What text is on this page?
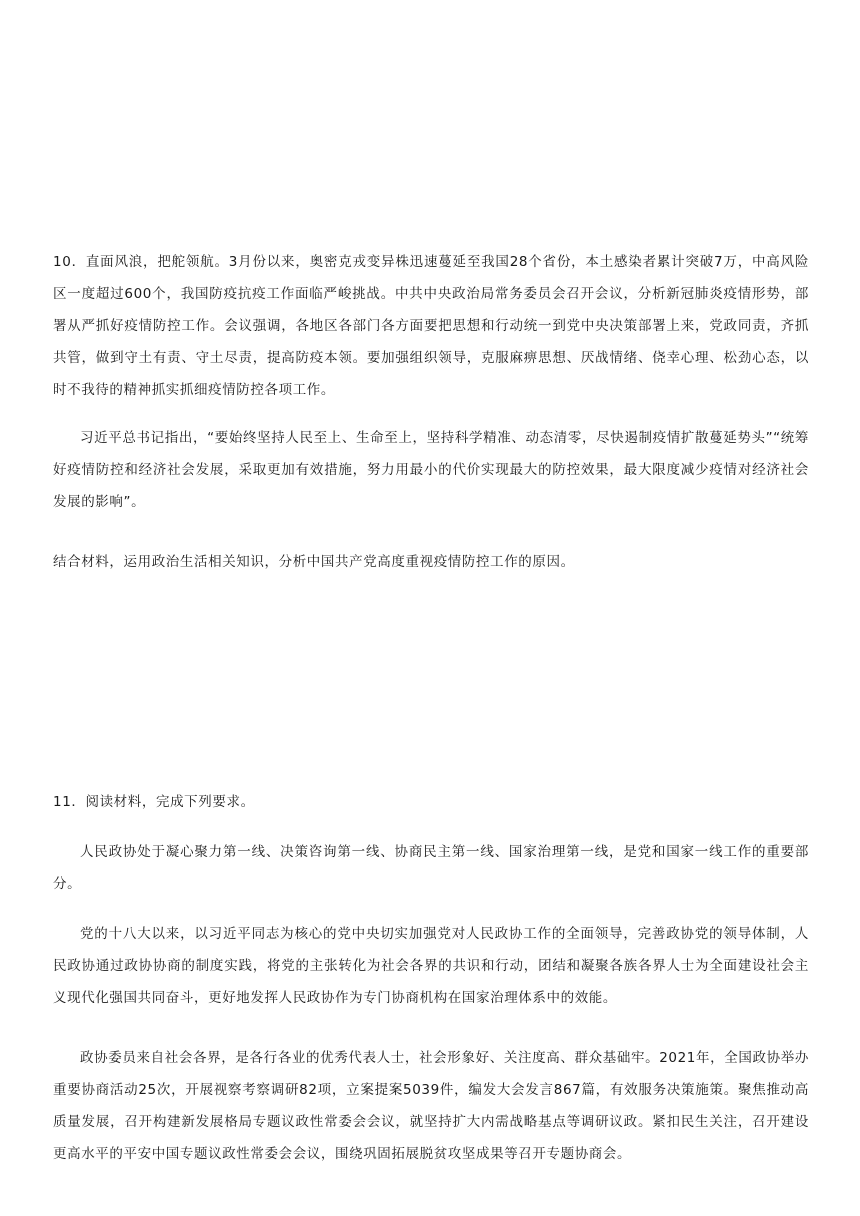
10．直面风浪，把舵领航。3月份以来，奥密克戎变异株迅速蔓延至我国28个省份，本土感染者累计突破7万，中高风险区一度超过600个，我国防疫抗疫工作面临严峻挑战。中共中央政治局常务委员会召开会议，分析新冠肺炎疫情形势，部署从严抓好疫情防控工作。会议强调，各地区各部门各方面要把思想和行动统一到党中央决策部署上来，党政同责，齐抓共管，做到守土有责、守土尽责，提高防疫本领。要加强组织领导，克服麻痹思想、厌战情绪、侥幸心理、松劲心态，以时不我待的精神抓实抓细疫情防控各项工作。

习近平总书记指出，“要始终坚持人民至上、生命至上，坚持科学精准、动态清零，尽快遏制疫情扩散蔓延势头”“统筹好疫情防控和经济社会发展，采取更加有效措施，努力用最小的代价实现最大的防控效果，最大限度减少疫情对经济社会发展的影响”。

结合材料，运用政治生活相关知识，分析中国共产党高度重视疫情防控工作的原因。

11．阅读材料，完成下列要求。

人民政协处于凝心聚力第一线、决策咨询第一线、协商民主第一线、国家治理第一线，是党和国家一线工作的重要部分。

党的十八大以来，以习近平同志为核心的党中央切实加强党对人民政协工作的全面领导，完善政协党的领导体制，人民政协通过政协协商的制度实践，将党的主张转化为社会各界的共识和行动，团结和凝聚各族各界人士为全面建设社会主义现代化强国共同奋斗，更好地发挥人民政协作为专门协商机构在国家治理体系中的效能。

政协委员来自社会各界，是各行各业的优秀代表人士，社会形象好、关注度高、群众基础牢。2021年，全国政协举办重要协商活动25次，开展视察考察调研82项，立案提案5039件，编发大会发言867篇，有效服务决策施策。聚焦推动高质量发展，召开构建新发展格局专题议政性常委会会议，就坚持扩大内需战略基点等调研议政。紧扣民生关注，召开建设更高水平的平安中国专题议政性常委会会议，围绕巩固拓展脱贫攻坚成果等召开专题协商会。
